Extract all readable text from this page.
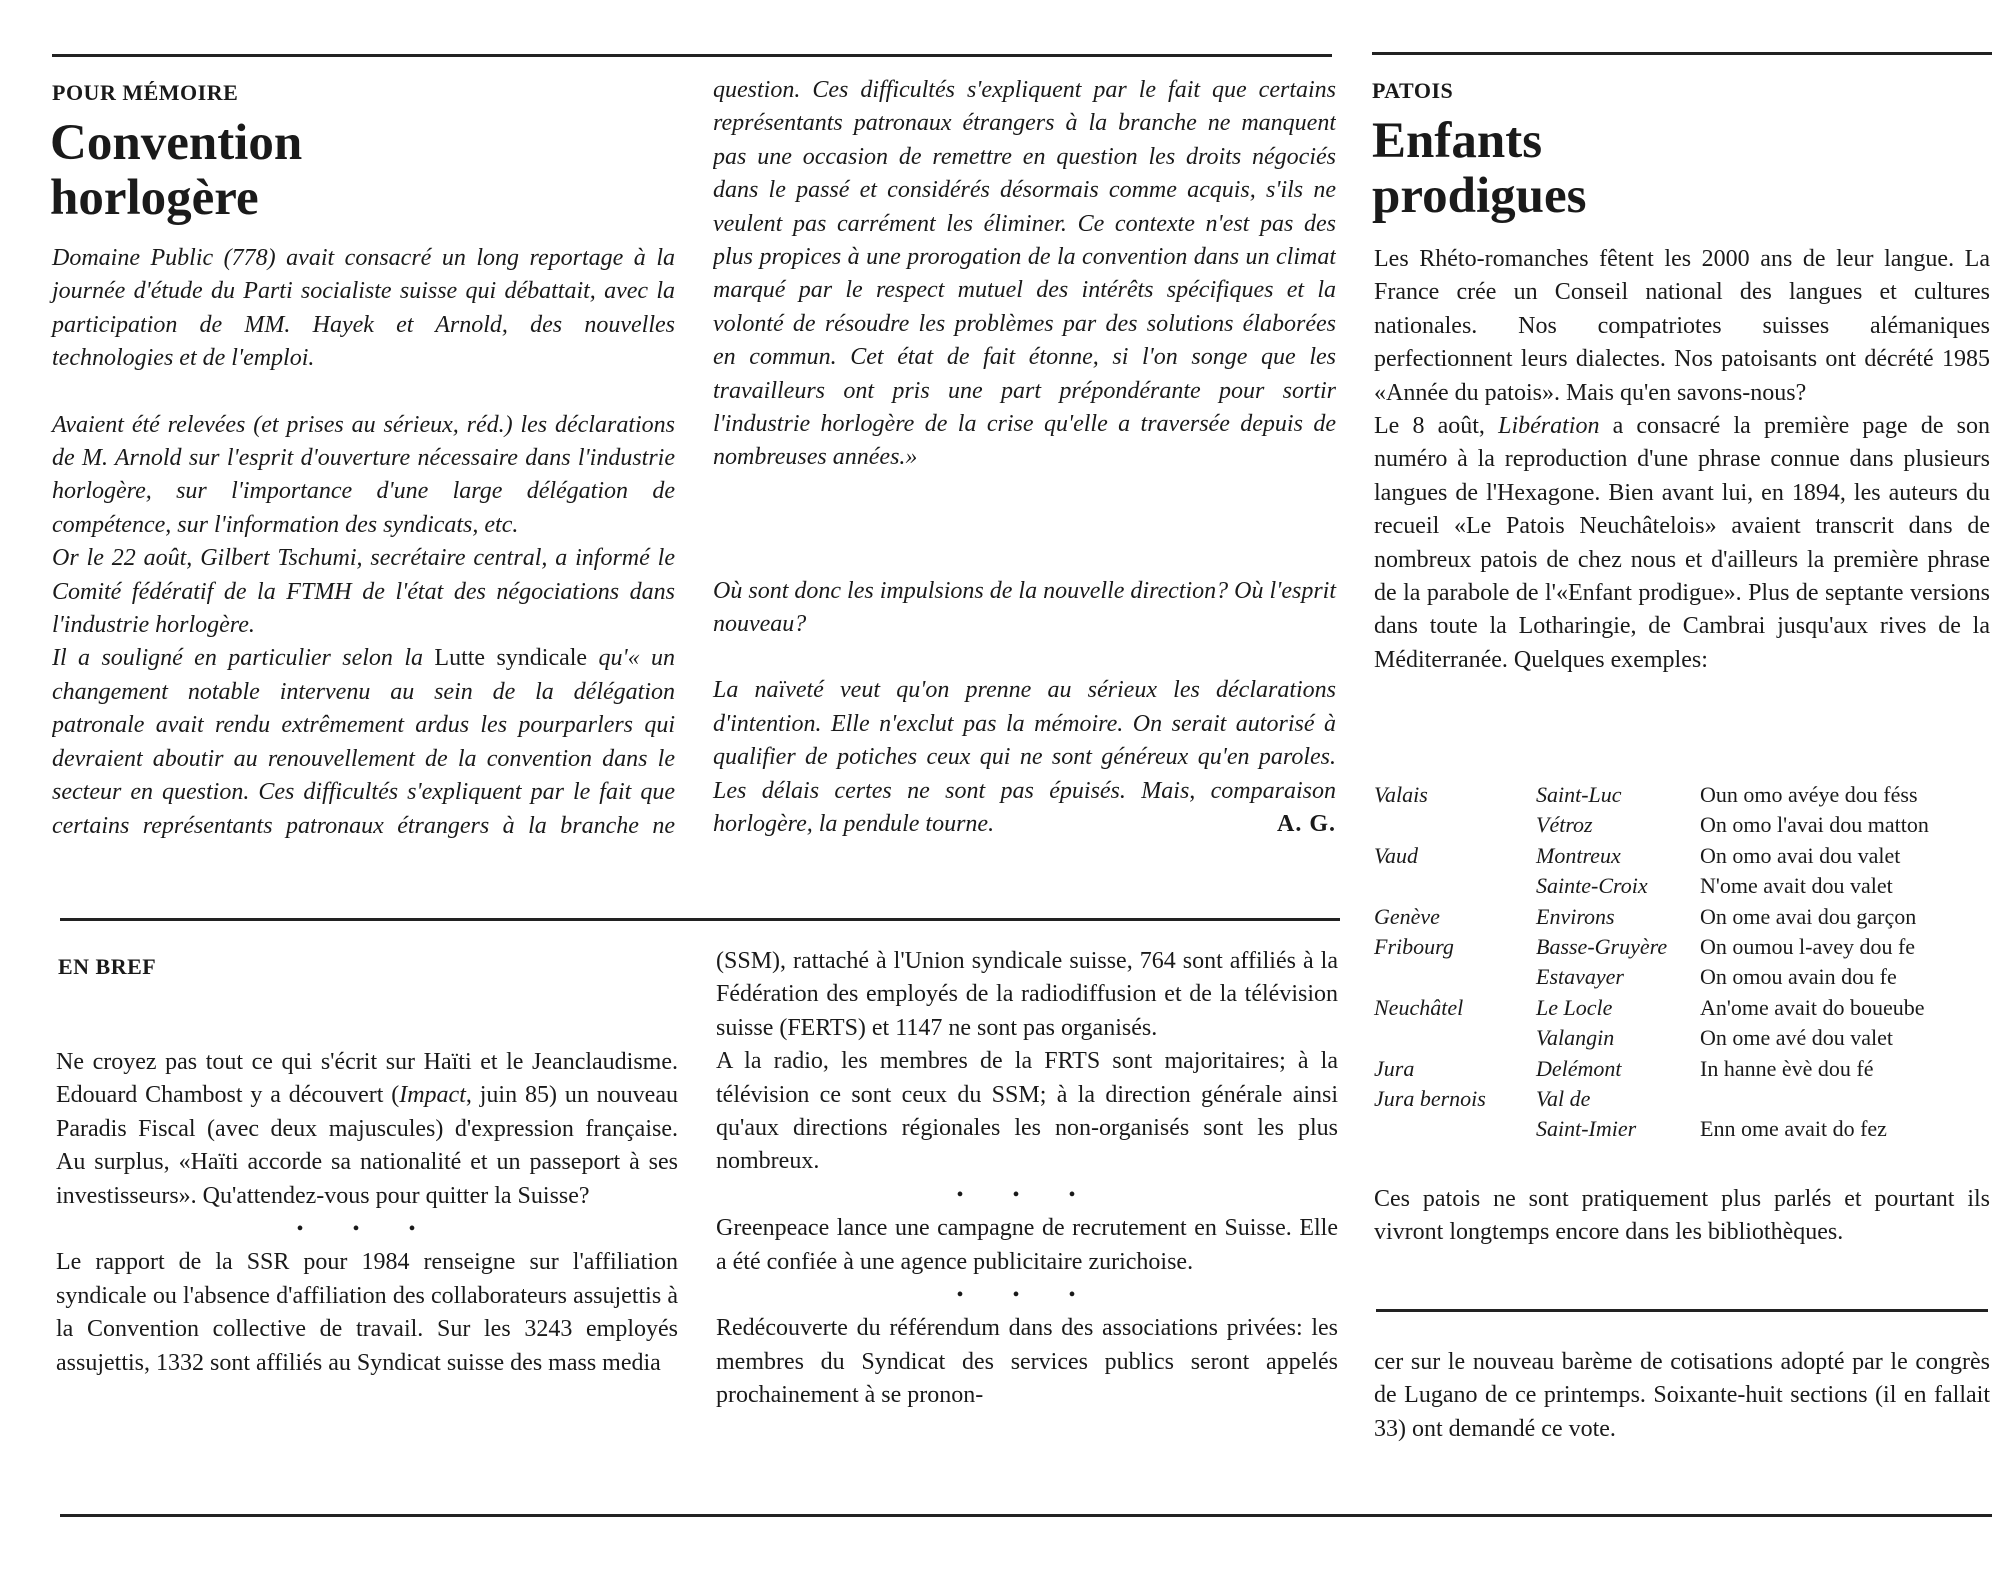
POUR MÉMOIRE
Convention
horlogère

Domaine Public (778) avait consacré un long reportage à la journée d'étude du Parti socialiste suisse qui débattait, avec la participation de MM. Hayek et Arnold, des nouvelles technologies et de l'emploi.

Avaient été relevées (et prises au sérieux, réd.) les déclarations de M. Arnold sur l'esprit d'ouverture nécessaire dans l'industrie horlogère, sur l'importance d'une large délégation de compétence, sur l'information des syndicats, etc.

Or le 22 août, Gilbert Tschumi, secrétaire central, a informé le Comité fédératif de la FTMH de l'état des négociations dans l'industrie horlogère.

Il a souligné en particulier selon la Lutte syndicale qu'« un changement notable intervenu au sein de la délégation patronale avait rendu extrêmement ardus les pourparlers qui devraient aboutir au renouvellement de la convention dans le secteur en question. Ces difficultés s'expliquent par le fait que certains représentants patronaux étrangers à la branche ne

question. Ces difficultés s'expliquent par le fait que certains représentants patronaux étrangers à la branche ne manquent pas une occasion de remettre en question les droits négociés dans le passé et considérés désormais comme acquis, s'ils ne veulent pas carrément les éliminer. Ce contexte n'est pas des plus propices à une prorogation de la convention dans un climat marqué par le respect mutuel des intérêts spécifiques et la volonté de résoudre les problèmes par des solutions élaborées en commun. Cet état de fait étonne, si l'on songe que les travailleurs ont pris une part prépondérante pour sortir l'industrie horlogère de la crise qu'elle a traversée depuis de nombreuses années.»

Où sont donc les impulsions de la nouvelle direction? Où l'esprit nouveau?

La naïveté veut qu'on prenne au sérieux les déclarations d'intention. Elle n'exclut pas la mémoire. On serait autorisé à qualifier de potiches ceux qui ne sont généreux qu'en paroles. Les délais certes ne sont pas épuisés. Mais, comparaison horlogère, la pendule tourne.	A. G.
PATOIS
Enfants
prodigues

Les Rhéto-romanches fêtent les 2000 ans de leur langue. La France crée un Conseil national des langues et cultures nationales. Nos compatriotes suisses alémaniques perfectionnent leurs dialectes. Nos patoisants ont décrété 1985 «Année du patois». Mais qu'en savons-nous?

Le 8 août, Libération a consacré la première page de son numéro à la reproduction d'une phrase connue dans plusieurs langues de l'Hexagone. Bien avant lui, en 1894, les auteurs du recueil «Le Patois Neuchâtelois» avaient transcrit dans de nombreux patois de chez nous et d'ailleurs la première phrase de la parabole de l'«Enfant prodigue». Plus de septante versions dans toute la Lotharingie, de Cambrai jusqu'aux rives de la Méditerranée. Quelques exemples:

Valais	Saint-Luc	Oun omo avéye dou féss
	Vétroz	On omo l'avai dou matton
Vaud	Montreux	On omo avai dou valet
	Sainte-Croix	N'ome avait dou valet
Genève	Environs	On ome avai dou garçon
Fribourg	Basse-Gruyère	On oumou l-avey dou fe
	Estavayer	On omou avain dou fe
Neuchâtel	Le Locle	An'ome avait do boueube
	Valangin	On ome avé dou valet
Jura	Delémont	In hanne èvè dou fé
Jura bernois	Val de	
	Saint-Imier	Enn ome avait do fez

Ces patois ne sont pratiquement plus parlés et pourtant ils vivront longtemps encore dans les bibliothèques.

EN BREF

Ne croyez pas tout ce qui s'écrit sur Haïti et le Jeanclaudisme. Edouard Chambost y a découvert (Impact, juin 85) un nouveau Paradis Fiscal (avec deux majuscules) d'expression française. Au surplus, «Haïti accorde sa nationalité et un passeport à ses investisseurs». Qu'attendez-vous pour quitter la Suisse?

• • •

Le rapport de la SSR pour 1984 renseigne sur l'affiliation syndicale ou l'absence d'affiliation des collaborateurs assujettis à la Convention collective de travail. Sur les 3243 employés assujettis, 1332 sont affiliés au Syndicat suisse des mass media

(SSM), rattaché à l'Union syndicale suisse, 764 sont affiliés à la Fédération des employés de la radiodiffusion et de la télévision suisse (FERTS) et 1147 ne sont pas organisés.

A la radio, les membres de la FRTS sont majoritaires; à la télévision ce sont ceux du SSM; à la direction générale ainsi qu'aux directions régionales les non-organisés sont les plus nombreux.

• • •

Greenpeace lance une campagne de recrutement en Suisse. Elle a été confiée à une agence publicitaire zurichoise.

• • •

Redécouverte du référendum dans des associations privées: les membres du Syndicat des services publics seront appelés prochainement à se pronon-

cer sur le nouveau barème de cotisations adopté par le congrès de Lugano de ce printemps. Soixante-huit sections (il en fallait 33) ont demandé ce vote.
